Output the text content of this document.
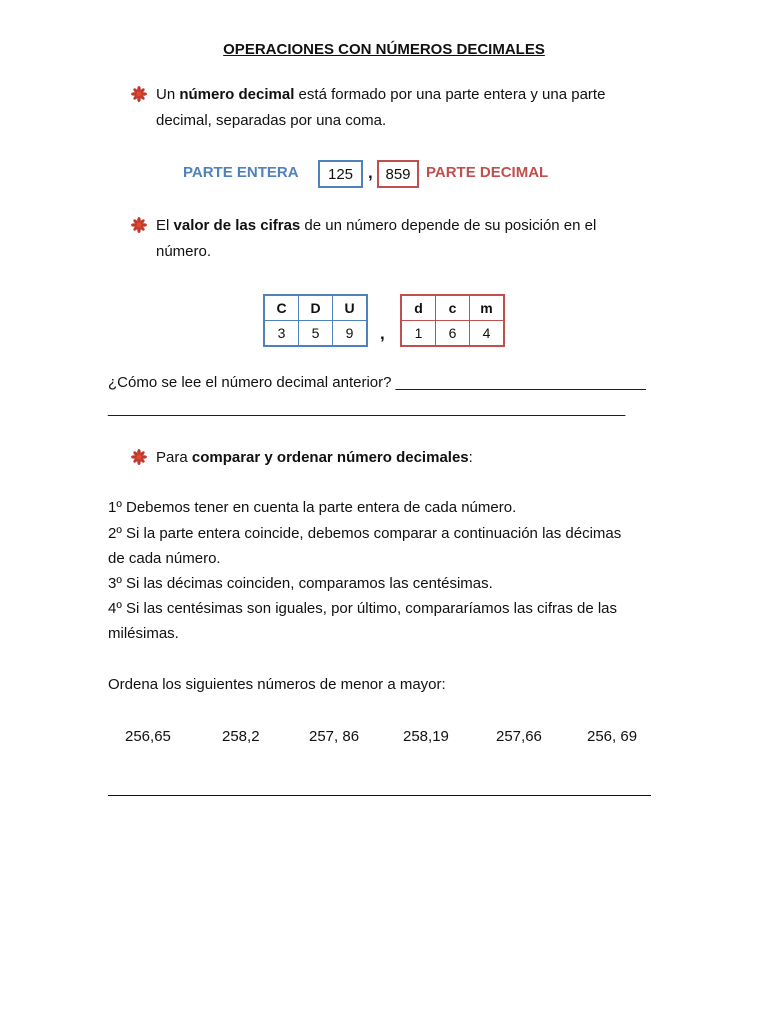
OPERACIONES CON NÚMEROS DECIMALES
Un número decimal está formado por una parte entera y una parte
decimal, separadas por una coma.
PARTE ENTERA	125 , 859	PARTE DECIMAL
El valor de las cifras de un número depende de su posición en el
número.
C	D	U
3	5	9 ,
d	c	m
1	6	4
¿Cómo se lee el número decimal anterior? ______________________________
______________________________________________________________
Para comparar y ordenar número decimales:
1º Debemos tener en cuenta la parte entera de cada número.
2º Si la parte entera coincide, debemos comparar a continuación las décimas
de cada número.
3º Si las décimas coinciden, comparamos las centésimas.
4º Si las centésimas son iguales, por último, compararíamos las cifras de las
milésimas.
Ordena los siguientes números de menor a mayor:
256,65	258,2	257, 86	258,19	257,66	256, 69
